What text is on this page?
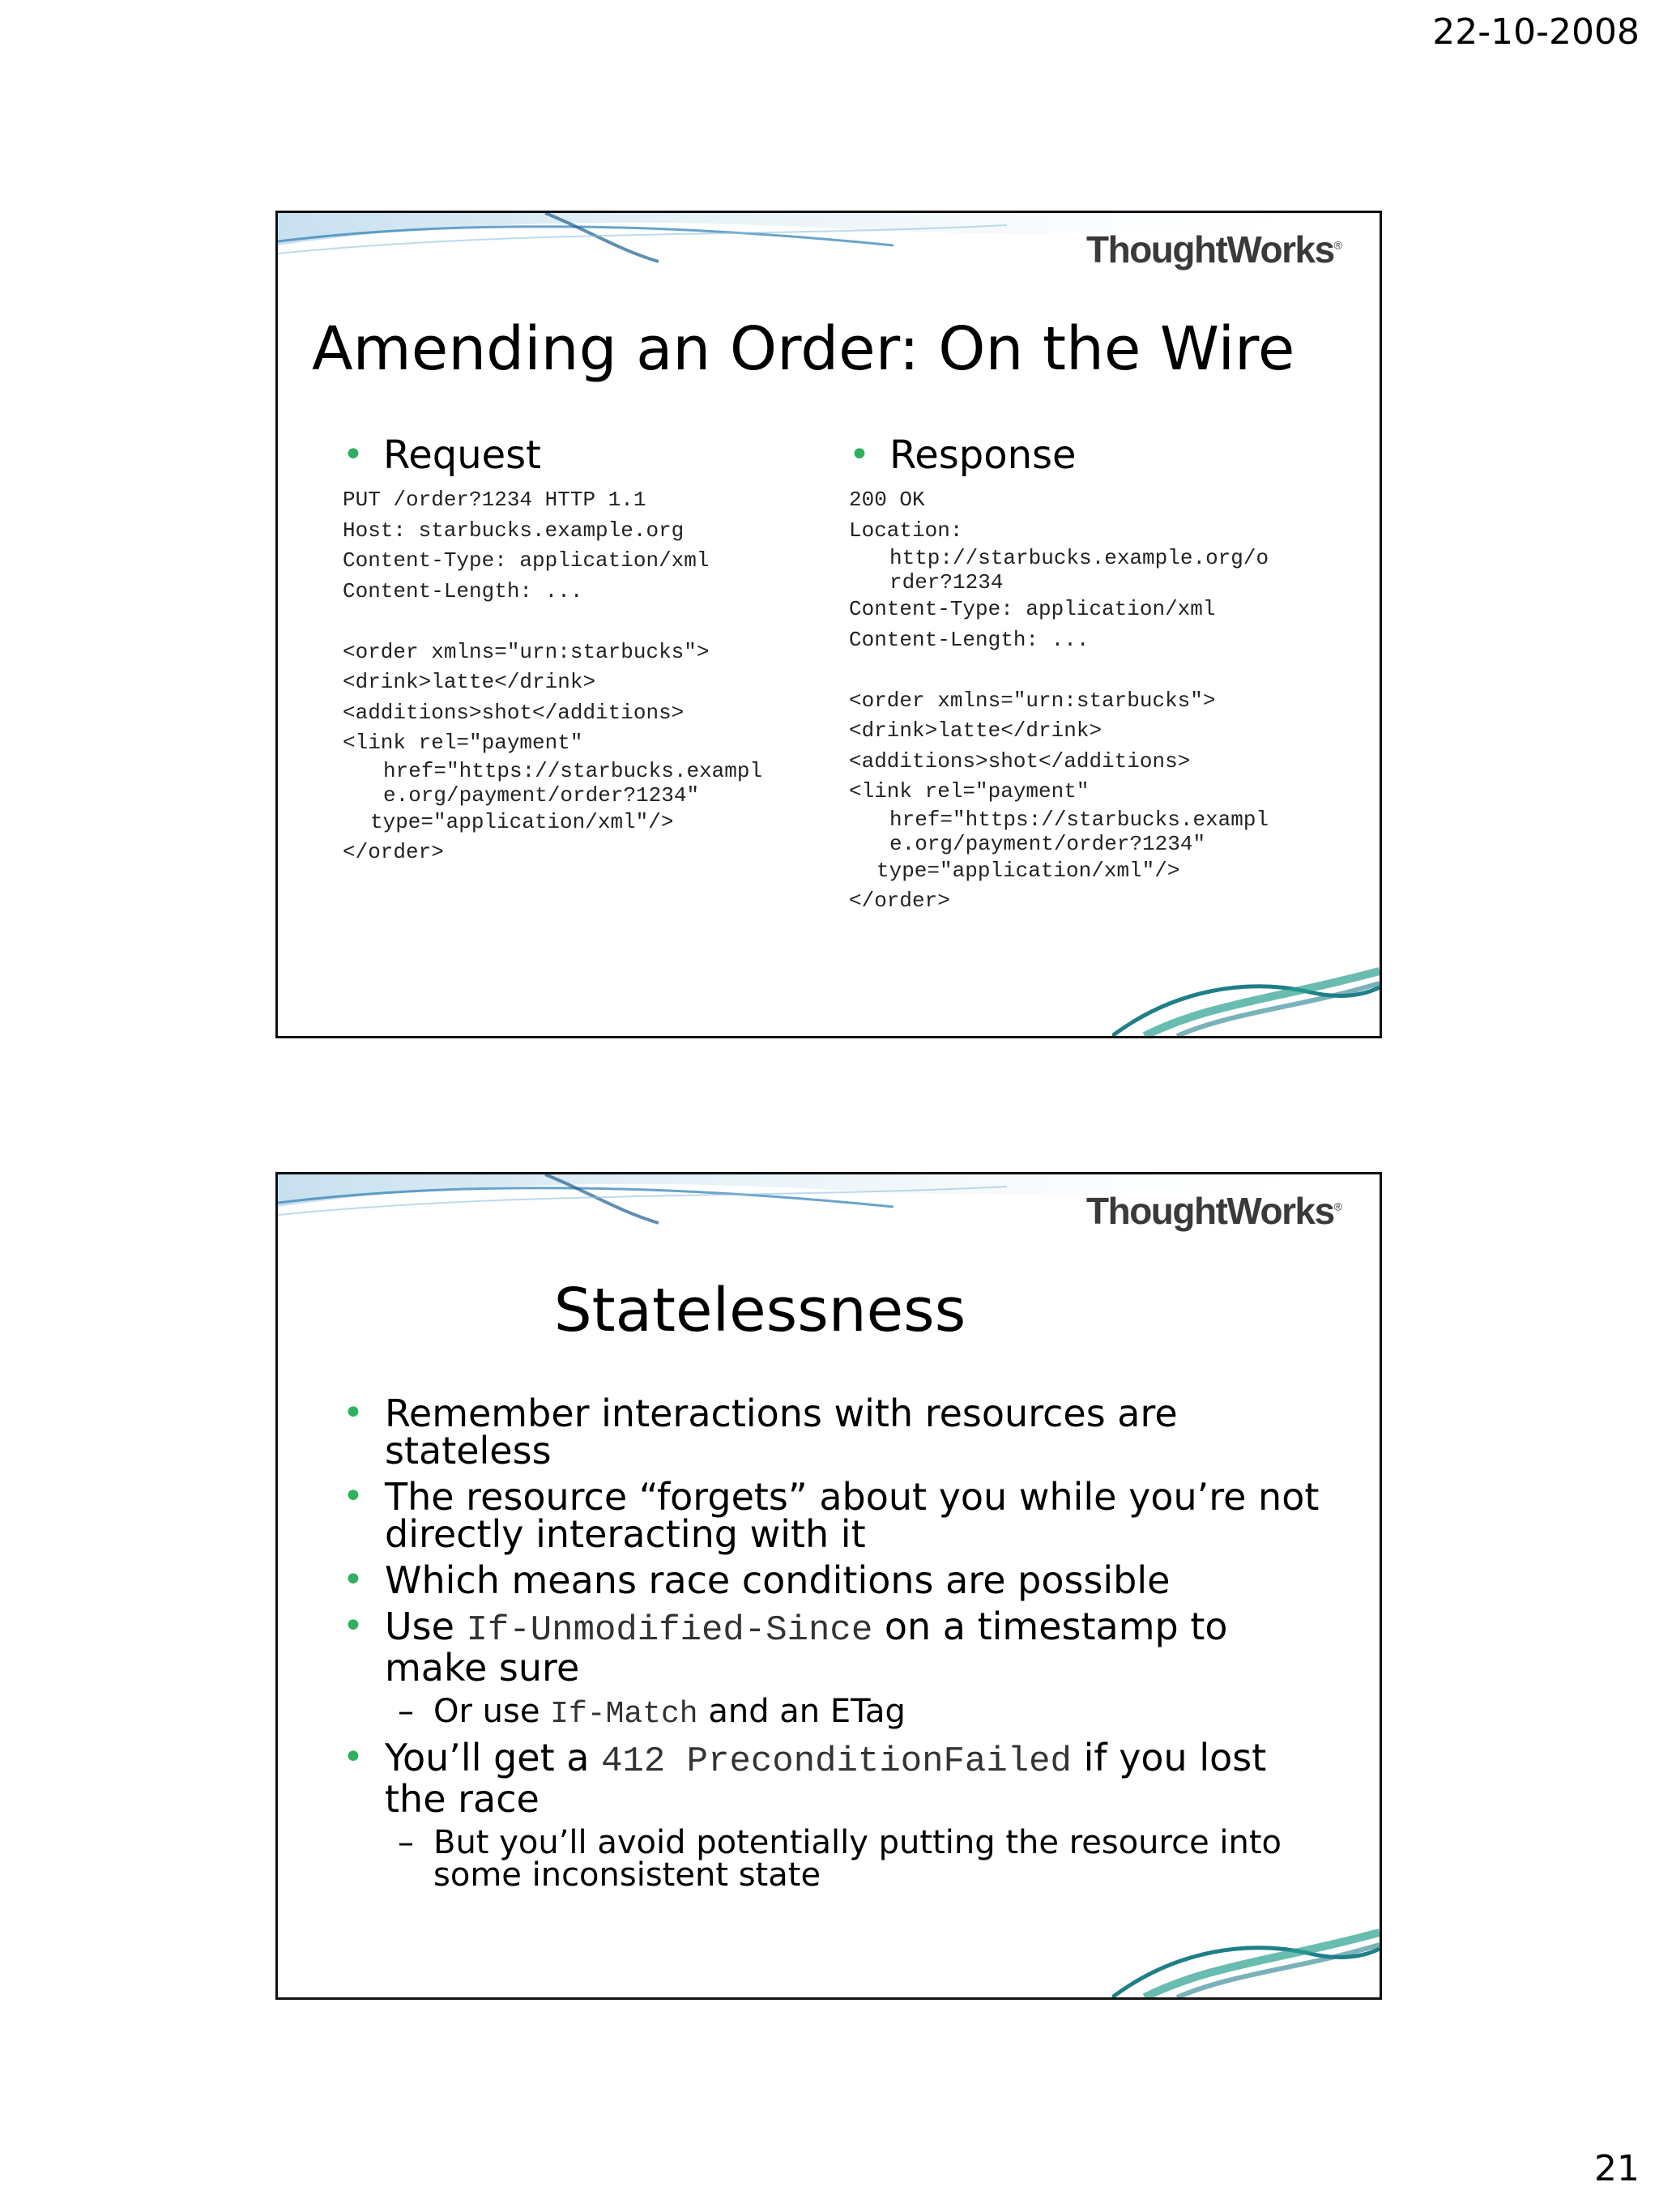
22-10-2008
ThoughtWorks®
Amending an Order: On the Wire
• Request
PUT /order?1234 HTTP 1.1
Host: starbucks.example.org
Content-Type: application/xml
Content-Length: ...

<order xmlns="urn:starbucks">
<drink>latte</drink>
<additions>shot</additions>
<link rel="payment"
href="https://starbucks.exampl
e.org/payment/order?1234"
type="application/xml"/>
</order>
• Response
200 OK
Location:
http://starbucks.example.org/o
rder?1234
Content-Type: application/xml
Content-Length: ...

<order xmlns="urn:starbucks">
<drink>latte</drink>
<additions>shot</additions>
<link rel="payment"
href="https://starbucks.exampl
e.org/payment/order?1234"
type="application/xml"/>
</order>
ThoughtWorks®
Statelessness
• Remember interactions with resources are stateless
• The resource “forgets” about you while you’re not
directly interacting with it
• Which means race conditions are possible
• Use If-Unmodified-Since on a timestamp to
make sure
– Or use If-Match and an ETag
• You’ll get a 412 PreconditionFailed if you lost
the race
– But you’ll avoid potentially putting the resource into
some inconsistent state
21
